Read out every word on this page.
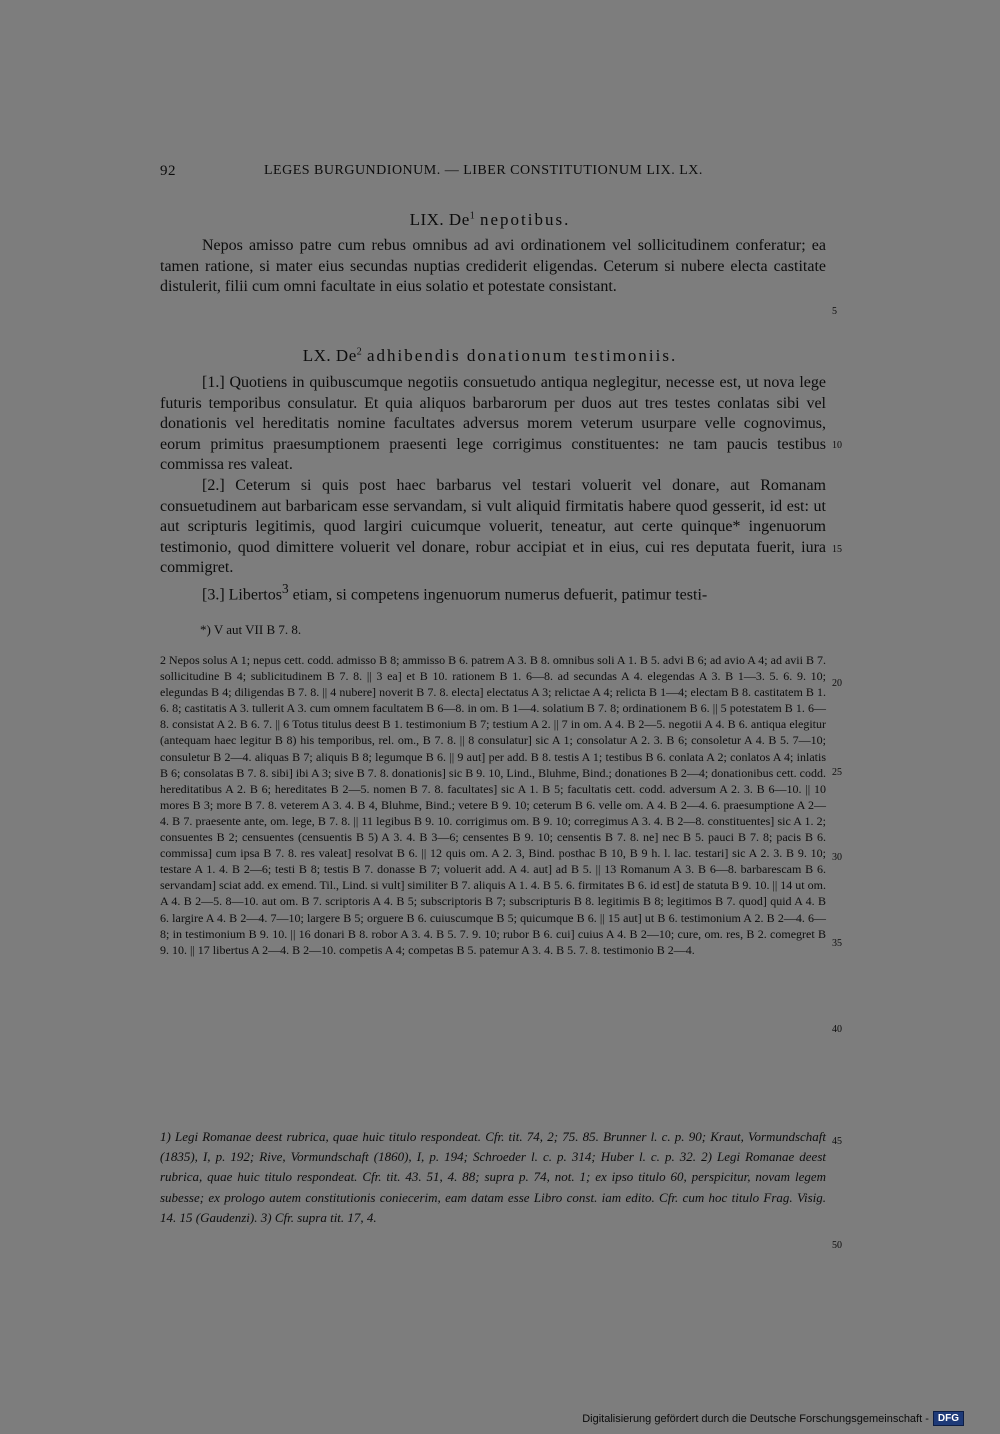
92	LEGES BURGUNDIONUM. — LIBER CONSTITUTIONUM LIX. LX.
LIX. De$^1$ nepotibus.

Nepos amisso patre cum rebus omnibus ad avi ordinationem vel sollicitudinem conferatur; ea tamen ratione, si mater eius secundas nuptias crediderit eligendas. Ceterum si nubere electa castitate distulerit, filii cum omni facultate in eius solatio et potestate consistant.

LX. De$^2$ adhibendis donationum testimoniis.

[1.] Quotiens in quibuscumque negotiis consuetudo antiqua neglegitur, necesse est, ut nova lege futuris temporibus consulatur. Et quia aliquos barbarorum per duos aut tres testes conlatas sibi vel donationis vel hereditatis nomine facultates adversus morem veterum usurpare velle cognovimus, eorum primitus praesumptionem praesenti lege corrigimus constituentes: ne tam paucis testibus commissa res valeat.

[2.] Ceterum si quis post haec barbarus vel testari voluerit vel donare, aut Romanam consuetudinem aut barbaricam esse servandam, si vult aliquid firmitatis habere quod gesserit, id est: ut aut scripturis legitimis, quod largiri cuicumque voluerit, teneatur, aut certe quinque* ingenuorum testimonio, quod dimittere voluerit vel donare, robur accipiat et in eius, cui res deputata fuerit, iura commigret.

[3.] Libertos$^3$ etiam, si competens ingenuorum numerus defuerit, patimur testi-

5
10
15
20
25
30
35
40
45
50
*) V aut VII B 7. 8.
2 Nepos solus A 1; nepus cett. codd. admisso B 8; ammisso B 6. patrem A 3. B 8. omnibus soli A 1. B 5. advi B 6; ad avio A 4; ad avii B 7. sollicitudine B 4; sublicitudinem B 7. 8. || 3 ea] et B 10. rationem B 1. 6—8. ad secundas A 4. elegendas A 3. B 1—3. 5. 6. 9. 10; elegundas B 4; diligendas B 7. 8. || 4 nubere] noverit B 7. 8. electa] electatus A 3; relictae A 4; relicta B 1—4; electam B 8. castitatem B 1. 6. 8; castitatis A 3. tullerit A 3. cum omnem facultatem B 6—8. in om. B 1—4. solatium B 7. 8; ordinationem B 6. || 5 potestatem B 1. 6—8. consistat A 2. B 6. 7. || 6 Totus titulus deest B 1. testimonium B 7; testium A 2. || 7 in om. A 4. B 2—5. negotii A 4. B 6. antiqua elegitur (antequam haec legitur B 8) his temporibus, rel. om., B 7. 8. || 8 consulatur] sic A 1; consolatur A 2. 3. B 6; consoletur A 4. B 5. 7—10; consuletur B 2—4. aliquas B 7; aliquis B 8; legumque B 6. || 9 aut] per add. B 8. testis A 1; testibus B 6. conlata A 2; conlatos A 4; inlatis B 6; consolatas B 7. 8. sibi] ibi A 3; sive B 7. 8. donationis] sic B 9. 10, Lind., Bluhme, Bind.; donationes B 2—4; donationibus cett. codd. hereditatibus A 2. B 6; hereditates B 2—5. nomen B 7. 8. facultates] sic A 1. B 5; facultatis cett. codd. adversum A 2. 3. B 6—10. || 10 mores B 3; more B 7. 8. veterem A 3. 4. B 4, Bluhme, Bind.; vetere B 9. 10; ceterum B 6. velle om. A 4. B 2—4. 6. praesumptione A 2—4. B 7. praesente ante, om. lege, B 7. 8. || 11 legibus B 9. 10. corrigimus om. B 9. 10; corregimus A 3. 4. B 2—8. constituentes] sic A 1. 2; consuentes B 2; censuentes (censuentis B 5) A 3. 4. B 3—6; censentes B 9. 10; censentis B 7. 8. ne] nec B 5. pauci B 7. 8; pacis B 6. commissa] cum ipsa B 7. 8. res valeat] resolvat B 6. || 12 quis om. A 2. 3, Bind. posthac B 10, B 9 h. l. lac. testari] sic A 2. 3. B 9. 10; testare A 1. 4. B 2—6; testi B 8; testis B 7. donasse B 7; voluerit add. A 4. aut] ad B 5. || 13 Romanum A 3. B 6—8. barbarescam B 6. servandam] sciat add. ex emend. Til., Lind. si vult] similiter B 7. aliquis A 1. 4. B 5. 6. firmitates B 6. id est] de statuta B 9. 10. || 14 ut om. A 4. B 2—5. 8—10. aut om. B 7. scriptoris A 4. B 5; subscriptoris B 7; subscripturis B 8. legitimis B 8; legitimos B 7. quod] quid A 4. B 6. largire A 4. B 2—4. 7—10; largere B 5; orguere B 6. cuiuscumque B 5; quicumque B 6. || 15 aut] ut B 6. testimonium A 2. B 2—4. 6—8; in testimonium B 9. 10. || 16 donari B 8. robor A 3. 4. B 5. 7. 9. 10; rubor B 6. cui] cuius A 4. B 2—10; cure, om. res, B 2. comegret B 9. 10. || 17 libertus A 2—4. B 2—10. competis A 4; competas B 5. patemur A 3. 4. B 5. 7. 8. testimonio B 2—4.

1) Legi Romanae deest rubrica, quae huic titulo respondeat. Cfr. tit. 74, 2; 75. 85. Brunner l. c. p. 90; Kraut, Vormundschaft (1835), I, p. 192; Rive, Vormundschaft (1860), I, p. 194; Schroeder l. c. p. 314; Huber l. c. p. 32. 2) Legi Romanae deest rubrica, quae huic titulo respondeat. Cfr. tit. 43. 51, 4. 88; supra p. 74, not. 1; ex ipso titulo 60, perspicitur, novam legem subesse; ex prologo autem constitutionis coniecerim, eam datam esse Libro const. iam edito. Cfr. cum hoc titulo Frag. Visig. 14. 15 (Gaudenzi). 3) Cfr. supra tit. 17, 4.

Digitalisierung gefördert durch die Deutsche Forschungsgemeinschaft - DFG
